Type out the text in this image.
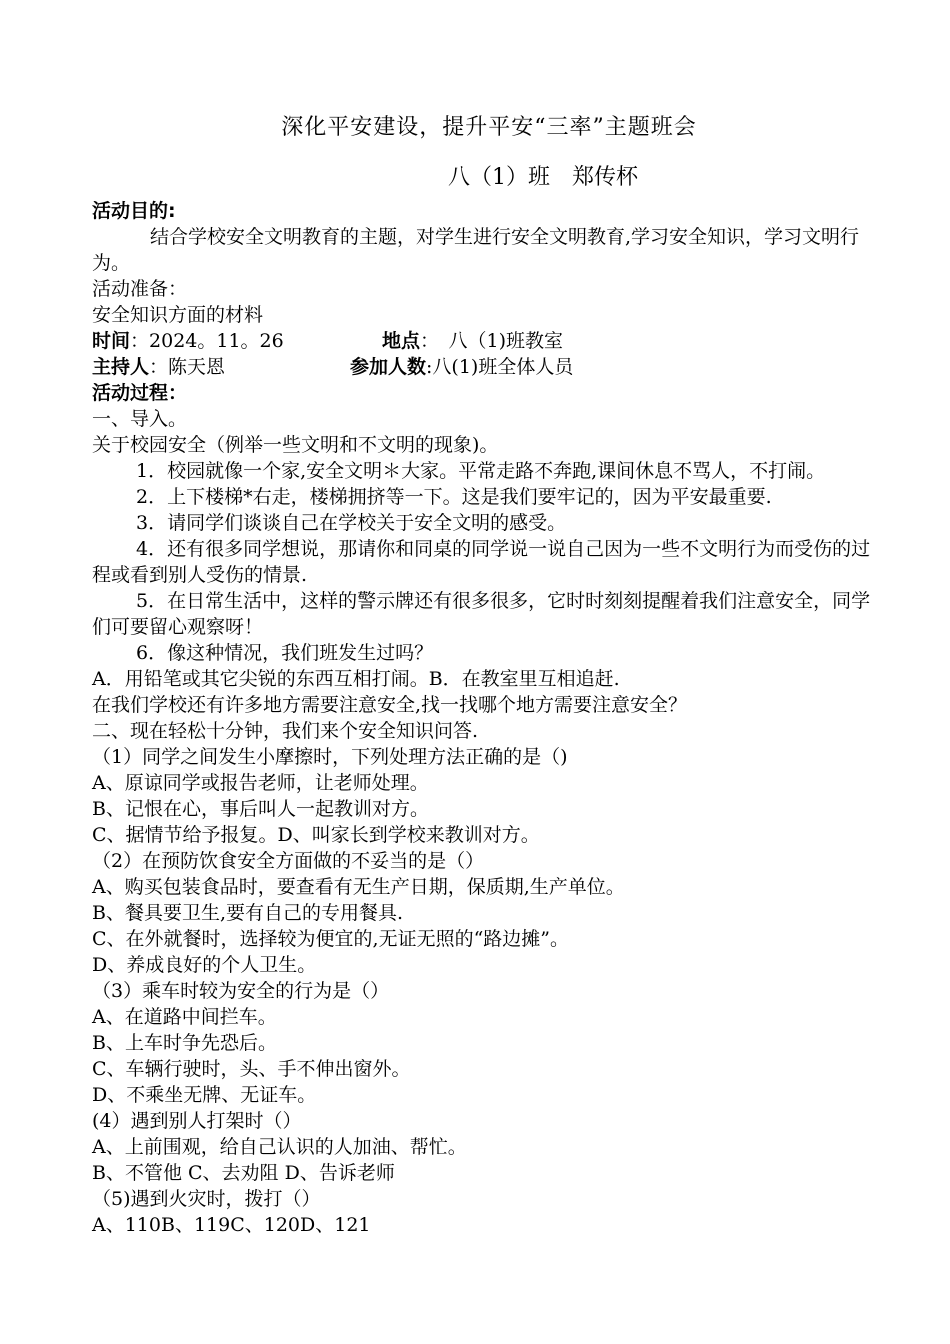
深化平安建设，提升平安“三率”主题班会
八（1）班　郑传杯

活动目的:

结合学校安全文明教育的主题，对学生进行安全文明教育,学习安全知识，学习文明行为。

活动准备：

安全知识方面的材料

时间：2024。11。26	地点：　八（1)班教室
主持人：陈天恩	参加人数:八(1)班全体人员

活动过程：

一、导入。

关于校园安全（例举一些文明和不文明的现象)。

1．校园就像一个家,安全文明＊大家。平常走路不奔跑,课间休息不骂人，不打闹。

2．上下楼梯*右走，楼梯拥挤等一下。这是我们要牢记的，因为平安最重要.

3．请同学们谈谈自己在学校关于安全文明的感受。

4．还有很多同学想说，那请你和同桌的同学说一说自己因为一些不文明行为而受伤的过程或看到别人受伤的情景.

5．在日常生活中，这样的警示牌还有很多很多，它时时刻刻提醒着我们注意安全，同学们可要留心观察呀！

6．像这种情况，我们班发生过吗？

A．用铅笔或其它尖锐的东西互相打闹。B．在教室里互相追赶.

在我们学校还有许多地方需要注意安全,找一找哪个地方需要注意安全？

二、现在轻松十分钟，我们来个安全知识问答.

（1）同学之间发生小摩擦时，下列处理方法正确的是（)

A、原谅同学或报告老师，让老师处理。

B、记恨在心，事后叫人一起教训对方。

C、据情节给予报复。D、叫家长到学校来教训对方。

（2）在预防饮食安全方面做的不妥当的是（）

A、购买包装食品时，要查看有无生产日期，保质期,生产单位。

B、餐具要卫生,要有自己的专用餐具.

C、在外就餐时，选择较为便宜的,无证无照的“路边摊”。

D、养成良好的个人卫生。

（3）乘车时较为安全的行为是（）

A、在道路中间拦车。

B、上车时争先恐后。

C、车辆行驶时，头、手不伸出窗外。

D、不乘坐无牌、无证车。

(4）遇到别人打架时（）

A、上前围观，给自己认识的人加油、帮忙。

B、不管他 C、去劝阻 D、告诉老师

（5)遇到火灾时，拨打（）

A、110B、119C、120D、121
